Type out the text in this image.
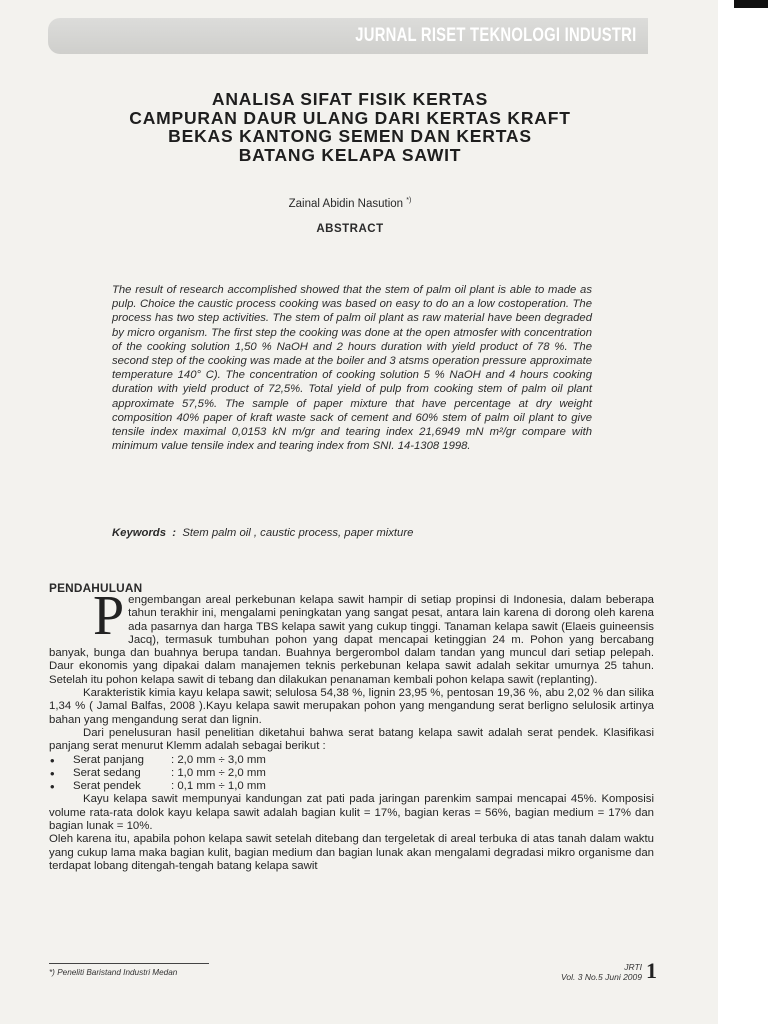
JURNAL RISET TEKNOLOGI INDUSTRI
ANALISA SIFAT FISIK KERTAS
CAMPURAN DAUR ULANG DARI KERTAS KRAFT
BEKAS KANTONG SEMEN DAN KERTAS
BATANG KELAPA SAWIT
Zainal Abidin Nasution *)
ABSTRACT
The result of research accomplished showed that the stem of palm oil plant is able to made as pulp. Choice the caustic process cooking was based on easy to do an a low costoperation. The process has two step activities. The stem of palm oil plant as raw material have been degraded by micro organism. The first step the cooking was done at the open atmosfer with concentration of the cooking solution 1,50 % NaOH and 2 hours duration with yield product of 78 %. The second step of the cooking was made at the boiler and 3 atsms operation pressure approximate temperature 140° C). The concentration of cooking solution 5 % NaOH and 4 hours cooking duration with yield product of 72,5%. Total yield of pulp from cooking stem of palm oil plant approximate 57,5%. The sample of paper mixture that have percentage at dry weight composition 40% paper of kraft waste sack of cement and 60% stem of palm oil plant to give tensile index maximal 0,0153 kN m/gr and tearing index 21,6949 mN m²/gr compare with minimum value tensile index and tearing index from SNI. 14-1308 1998.
Keywords : Stem palm oil , caustic process, paper mixture
PENDAHULUAN

Pengembangan areal perkebunan kelapa sawit hampir di setiap propinsi di Indonesia, dalam beberapa tahun terakhir ini, mengalami peningkatan yang sangat pesat, antara lain karena di dorong oleh karena ada pasarnya dan harga TBS kelapa sawit yang cukup tinggi. Tanaman kelapa sawit (Elaeis guineensis Jacq), termasuk tumbuhan pohon yang dapat mencapai ketinggian 24 m. Pohon yang bercabang banyak, bunga dan buahnya berupa tandan. Buahnya bergerombol dalam tandan yang muncul dari setiap pelepah. Daur ekonomis yang dipakai dalam manajemen teknis perkebunan kelapa sawit adalah sekitar umurnya 25 tahun. Setelah itu pohon kelapa sawit di tebang dan dilakukan penanaman kembali pohon kelapa sawit (replanting).

Karakteristik kimia kayu kelapa sawit; selulosa 54,38 %, lignin 23,95 %, pentosan 19,36 %, abu 2,02 % dan silika 1,34 % ( Jamal Balfas, 2008 ).Kayu kelapa sawit merupakan pohon yang mengandung serat berligno selulosik artinya bahan yang mengandung serat dan lignin.

Dari penelusuran hasil penelitian diketahui bahwa serat batang kelapa sawit adalah serat pendek. Klasifikasi panjang serat menurut Klemm adalah sebagai berikut :

• Serat panjang : 2,0 mm ÷ 3,0 mm
• Serat sedang	: 1,0 mm ÷ 2,0 mm
• Serat pendek	: 0,1 mm ÷ 1,0 mm

Kayu kelapa sawit mempunyai kandungan zat pati pada jaringan parenkim sampai mencapai 45%. Komposisi volume rata-rata dolok kayu kelapa sawit adalah bagian kulit = 17%, bagian keras = 56%, bagian medium = 17% dan bagian lunak = 10%.

Oleh karena itu, apabila pohon kelapa sawit setelah ditebang dan tergeletak di areal terbuka di atas tanah dalam waktu yang cukup lama maka bagian kulit, bagian medium dan bagian lunak akan mengalami degradasi mikro organisme dan terdapat lobang ditengah-tengah batang kelapa sawit

*) Peneliti Baristand Industri Medan
JRTI
Vol. 3 No.5 Juni 2009 1
